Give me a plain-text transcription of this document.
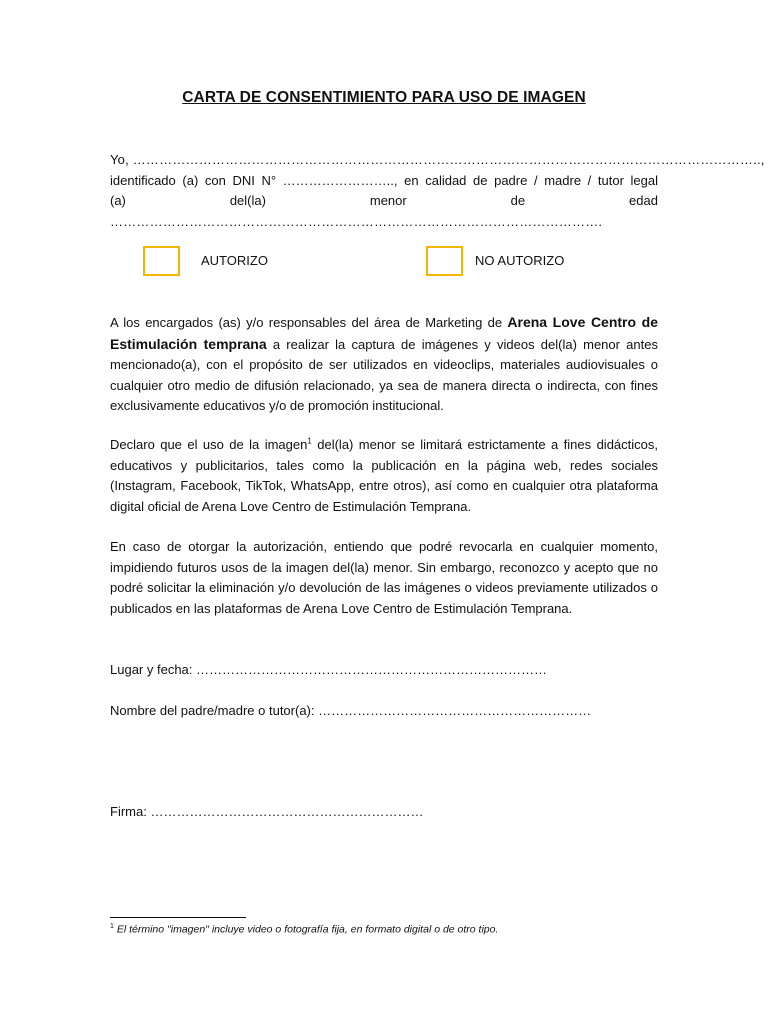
CARTA DE CONSENTIMIENTO PARA USO DE IMAGEN
Yo, ……………………………………………………………………………………………………………………………..,
identificado (a) con DNI N° …………………….., en calidad de padre / madre / tutor legal
(a)	del(la)	menor	de	edad
………………………………………………………………………………………………….
AUTORIZO	NO AUTORIZO
A los encargados (as) y/o responsables del área de Marketing de Arena Love Centro de Estimulación temprana a realizar la captura de imágenes y videos del(la) menor antes mencionado(a), con el propósito de ser utilizados en videoclips, materiales audiovisuales o cualquier otro medio de difusión relacionado, ya sea de manera directa o indirecta, con fines exclusivamente educativos y/o de promoción institucional.
Declaro que el uso de la imagen$^1$ del(la) menor se limitará estrictamente a fines didácticos, educativos y publicitarios, tales como la publicación en la página web, redes sociales (Instagram, Facebook, TikTok, WhatsApp, entre otros), así como en cualquier otra plataforma digital oficial de Arena Love Centro de Estimulación Temprana.
En caso de otorgar la autorización, entiendo que podré revocarla en cualquier momento, impidiendo futuros usos de la imagen del(la) menor. Sin embargo, reconozco y acepto que no podré solicitar la eliminación y/o devolución de las imágenes o videos previamente utilizados o publicados en las plataformas de Arena Love Centro de Estimulación Temprana.
Lugar y fecha: ………………………………………………………………………
Nombre del padre/madre o tutor(a): ………………………………………………………
Firma: ………………………………………………………
$^1$ El término "imagen" incluye video o fotografía fija, en formato digital o de otro tipo.
